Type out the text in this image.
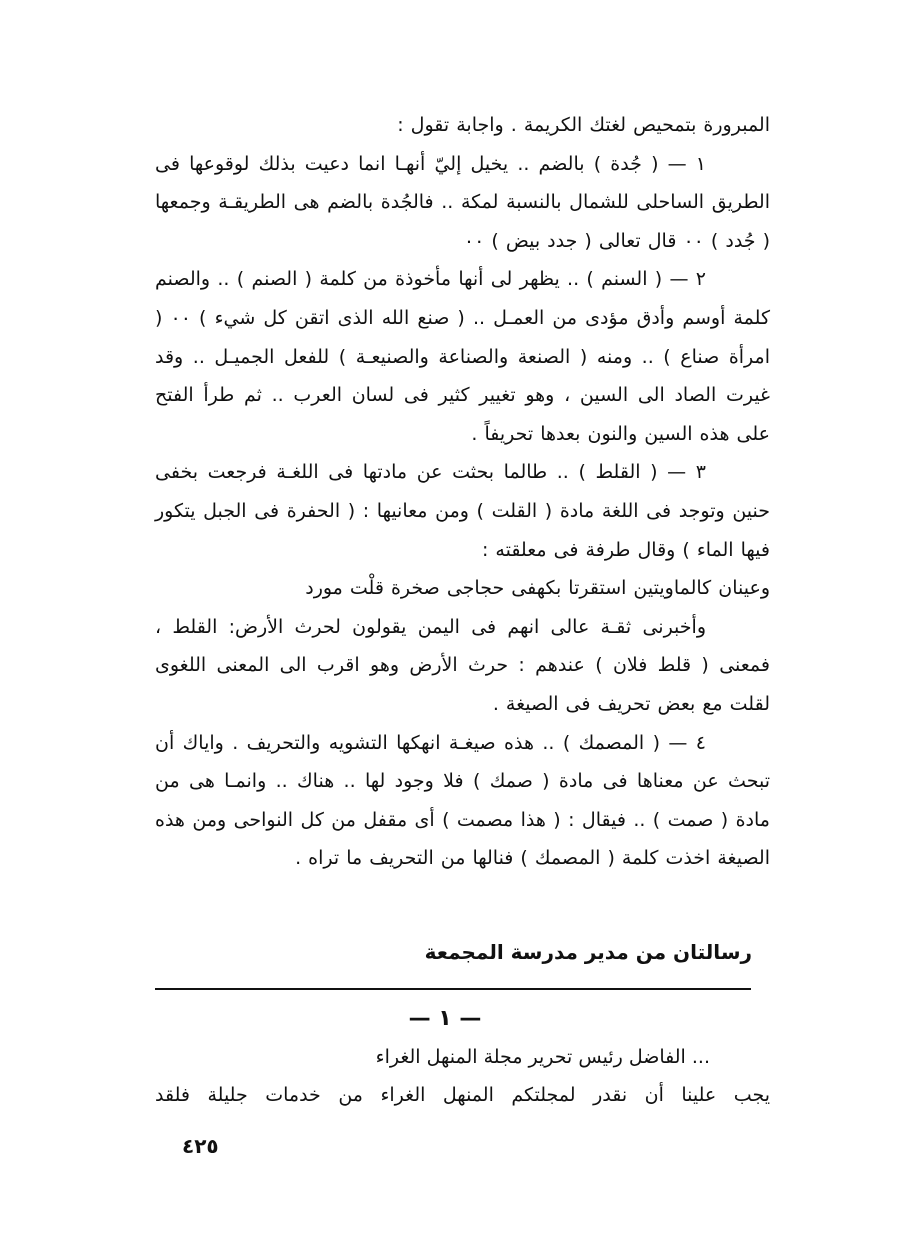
المبرورة بتمحيص لغتك الكريمة . واجابة تقول :

١ — ( جُدة ) بالضم .. يخيل إليّ أنهـا انما دعيت بذلك لوقوعها فى الطريق الساحلى للشمال بالنسبة لمكة .. فالجُدة بالضم هى الطريقـة وجمعها ( جُدد ) ٠٠ قال تعالى ( جدد بيض ) ٠٠

٢ — ( السنم ) .. يظهر لى أنها مأخوذة من كلمة ( الصنم ) .. والصنم كلمة أوسم وأدق مؤدى من العمـل .. ( صنع الله الذى اتقن كل شيء ) ٠٠ ( امرأة صناع ) .. ومنه ( الصنعة والصناعة والصنيعـة ) للفعل الجميـل .. وقد غيرت الصاد الى السين ، وهو تغيير كثير فى لسان العرب .. ثم طرأ الفتح على هذه السين والنون بعدها تحريفاً .

٣ — ( القلط ) .. طالما بحثت عن مادتها فى اللغـة فرجعت بخفى حنين وتوجد فى اللغة مادة ( القلت ) ومن معانيها : ( الحفرة فى الجبل يتكور فيها الماء ) وقال طرفة فى معلقته :

وعينان كالماويتين استقرتا بكهفى حجاجى صخرة قلْت مورد

وأخبرنى ثقـة عالى انهم فى اليمن يقولون لحرث الأرض: القلط ، فمعنى ( قلط فلان ) عندهم : حرث الأرض وهو اقرب الى المعنى اللغوى لقلت مع بعض تحريف فى الصيغة .

٤ — ( المصمك ) .. هذه صيغـة انهكها التشويه والتحريف . واياك أن تبحث عن معناها فى مادة ( صمك ) فلا وجود لها .. هناك .. وانمـا هى من مادة ( صمت ) .. فيقال : ( هذا مصمت ) أى مقفل من كل النواحى ومن هذه الصيغة اخذت كلمة ( المصمك ) فنالها من التحريف ما تراه .

رسالتان من مدير مدرسة المجمعة
— ١ —
... الفاضل رئيس تحرير مجلة المنهل الغراء
يجب علينا أن نقدر لمجلتكم المنهل الغراء من خدمات جليلة فلقد
٤٢٥
